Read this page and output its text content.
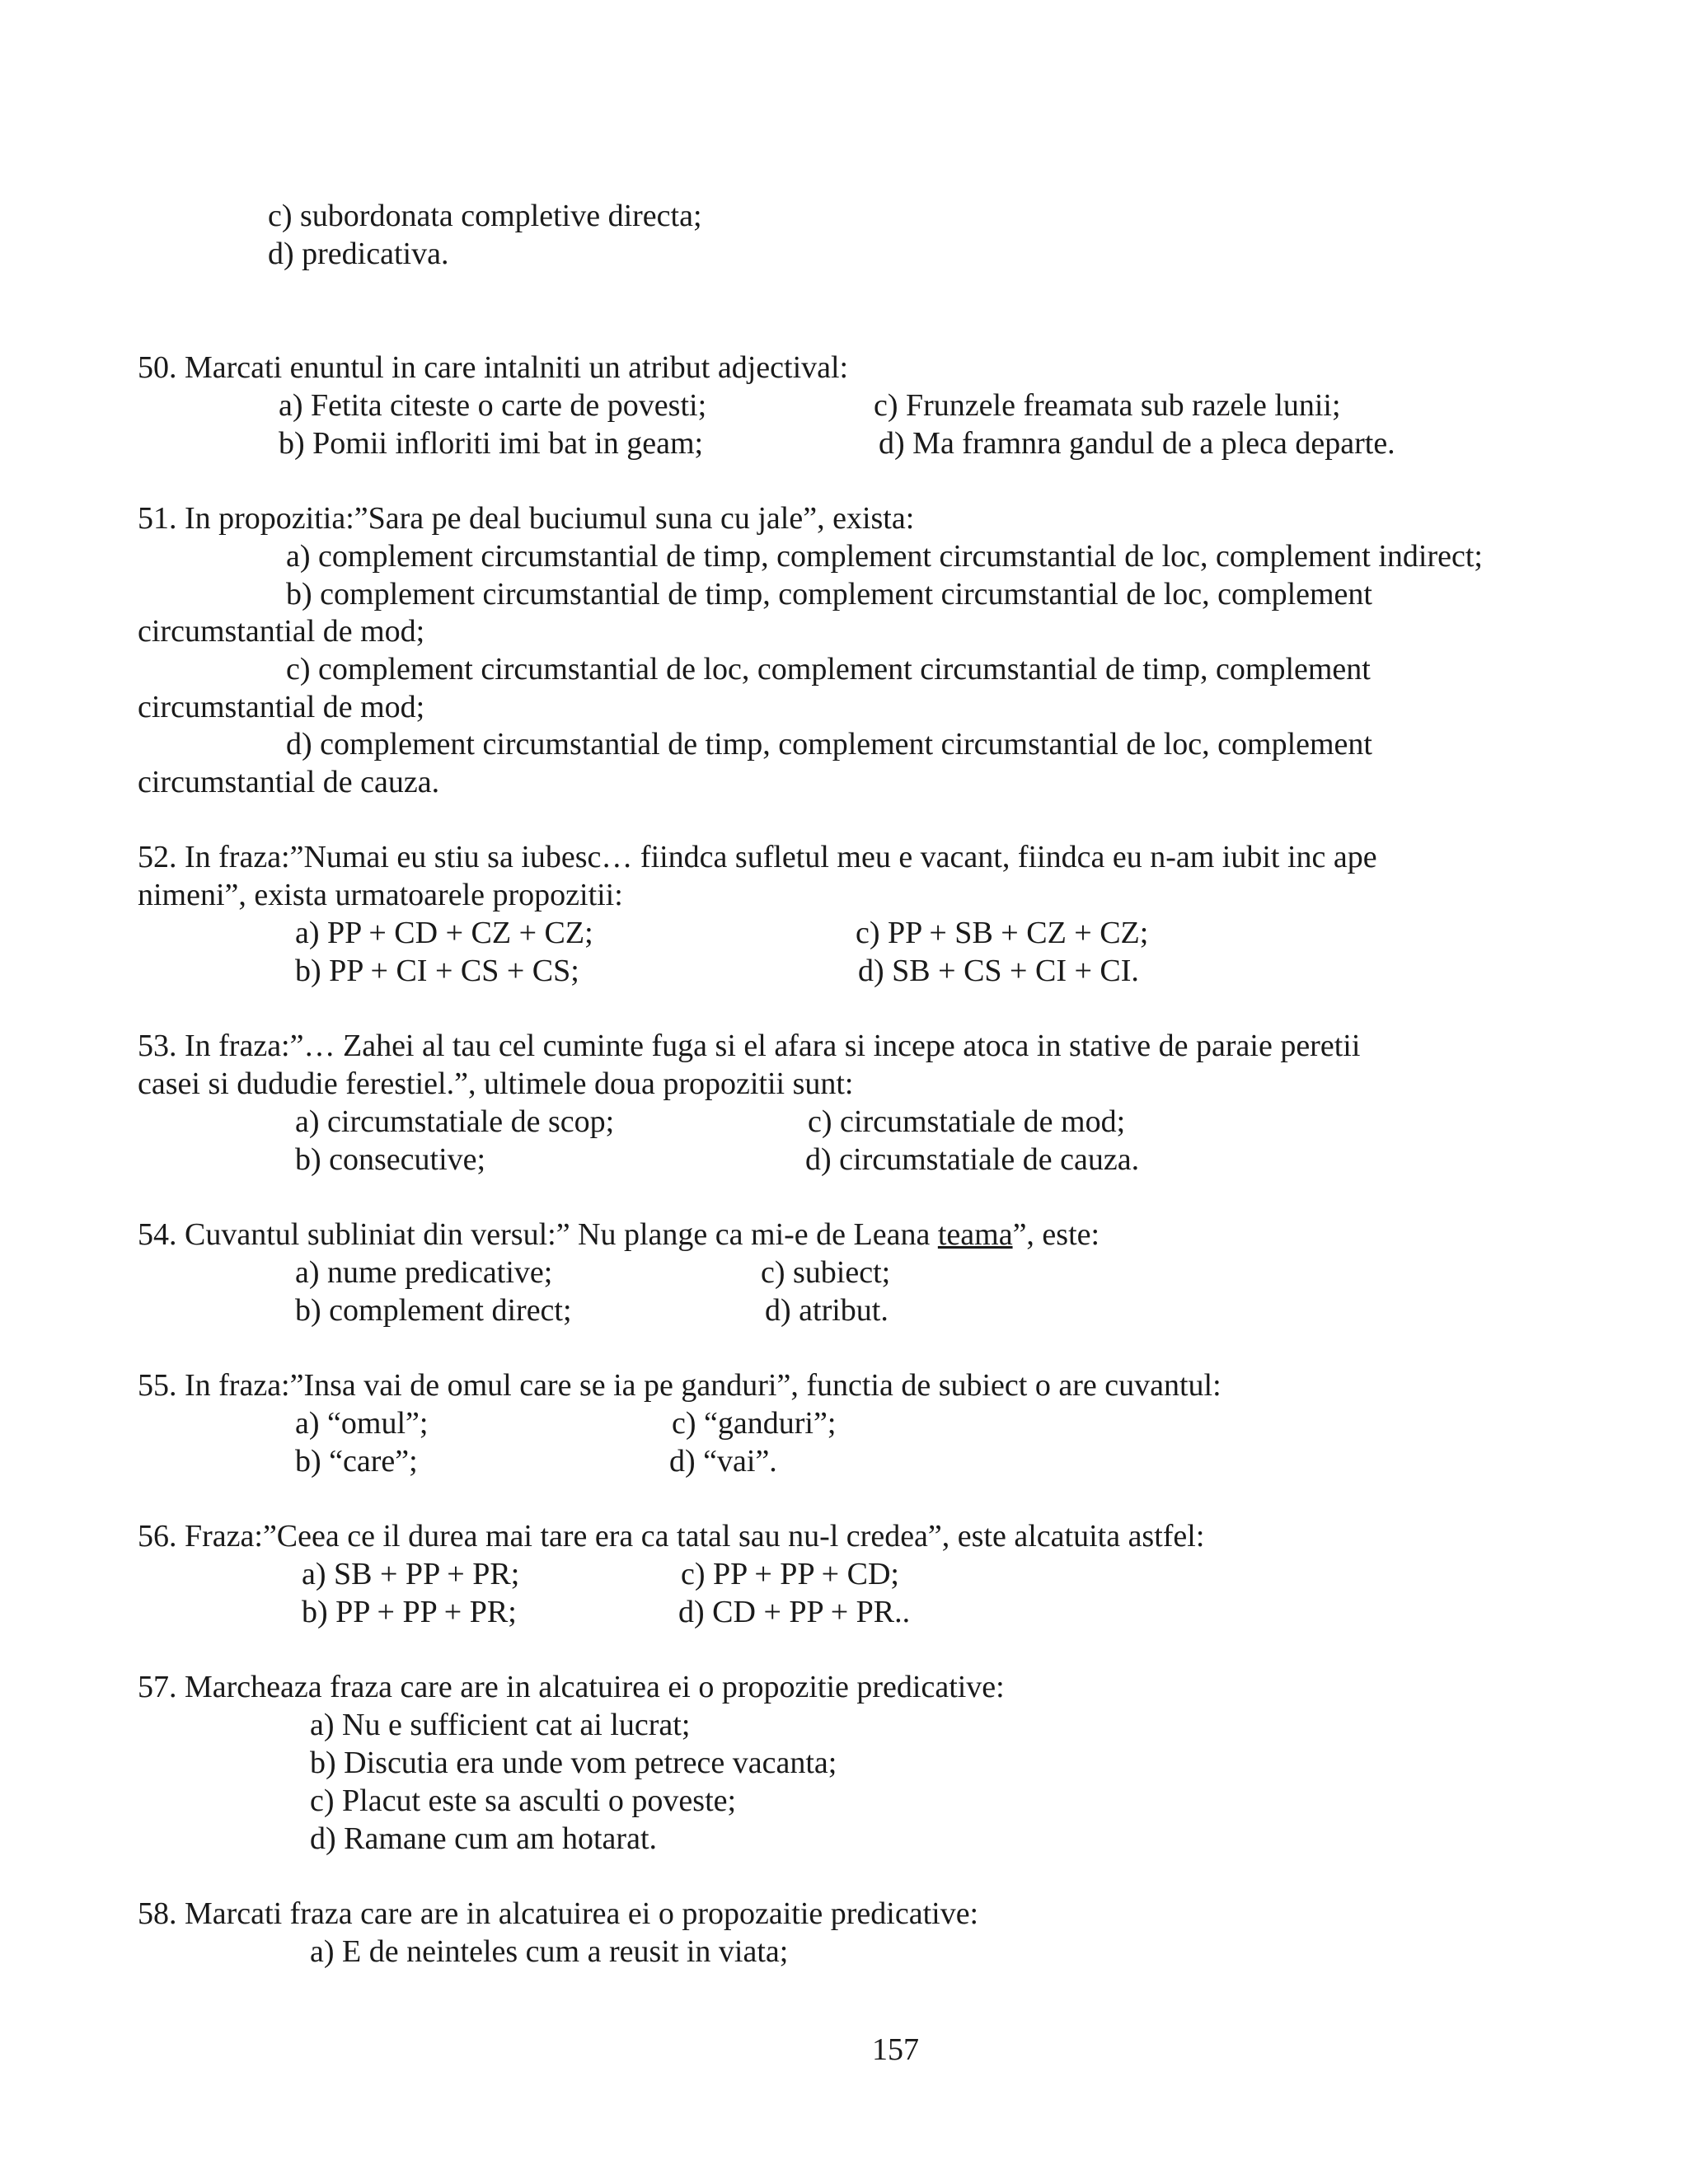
c) subordonata completive directa;
d) predicativa.
50. Marcati enuntul in care intalniti un atribut adjectival:
a) Fetita citeste o carte de povesti;	c) Frunzele freamata sub razele lunii;
b) Pomii infloriti imi bat in geam;	d) Ma framnra gandul de a pleca departe.
51. In propozitia:”Sara pe deal buciumul suna cu jale”, exista:
a) complement circumstantial de timp, complement circumstantial de loc, complement indirect;
b) complement circumstantial de timp, complement circumstantial de loc, complement
circumstantial de mod;
c) complement circumstantial de loc, complement circumstantial de timp, complement
circumstantial de mod;
d) complement circumstantial de timp, complement circumstantial de loc, complement
circumstantial de cauza.
52. In fraza:”Numai eu stiu sa iubesc… fiindca sufletul meu e vacant, fiindca eu n-am iubit inc ape
nimeni”, exista urmatoarele propozitii:
a) PP + CD + CZ + CZ;	c) PP + SB + CZ + CZ;
b) PP + CI + CS + CS;	d) SB + CS + CI + CI.
53. In fraza:”… Zahei al tau cel cuminte fuga si el afara si incepe atoca in stative de paraie peretii
casei si dududie ferestiel.”, ultimele doua propozitii sunt:
a) circumstatiale de scop;	c) circumstatiale de mod;
b) consecutive;	d) circumstatiale de cauza.
54. Cuvantul subliniat din versul:” Nu plange ca mi-e de Leana teama”, este:
a) nume predicative;	c) subiect;
b) complement direct;	d) atribut.
55. In fraza:”Insa vai de omul care se ia pe ganduri”, functia de subiect o are cuvantul:
a) “omul”;	c) “ganduri”;
b) “care”;	d) “vai”.
56. Fraza:”Ceea ce il durea mai tare era ca tatal sau nu-l credea”, este alcatuita astfel:
a) SB + PP + PR;	c) PP + PP + CD;
b) PP + PP + PR;	d) CD + PP + PR..
57. Marcheaza fraza care are in alcatuirea ei o propozitie predicative:
a) Nu e sufficient cat ai lucrat;
b) Discutia era unde vom petrece vacanta;
c) Placut este sa asculti o poveste;
d) Ramane cum am hotarat.
58. Marcati fraza care are in alcatuirea ei o propozaitie predicative:
a) E de neinteles cum a reusit in viata;
157
